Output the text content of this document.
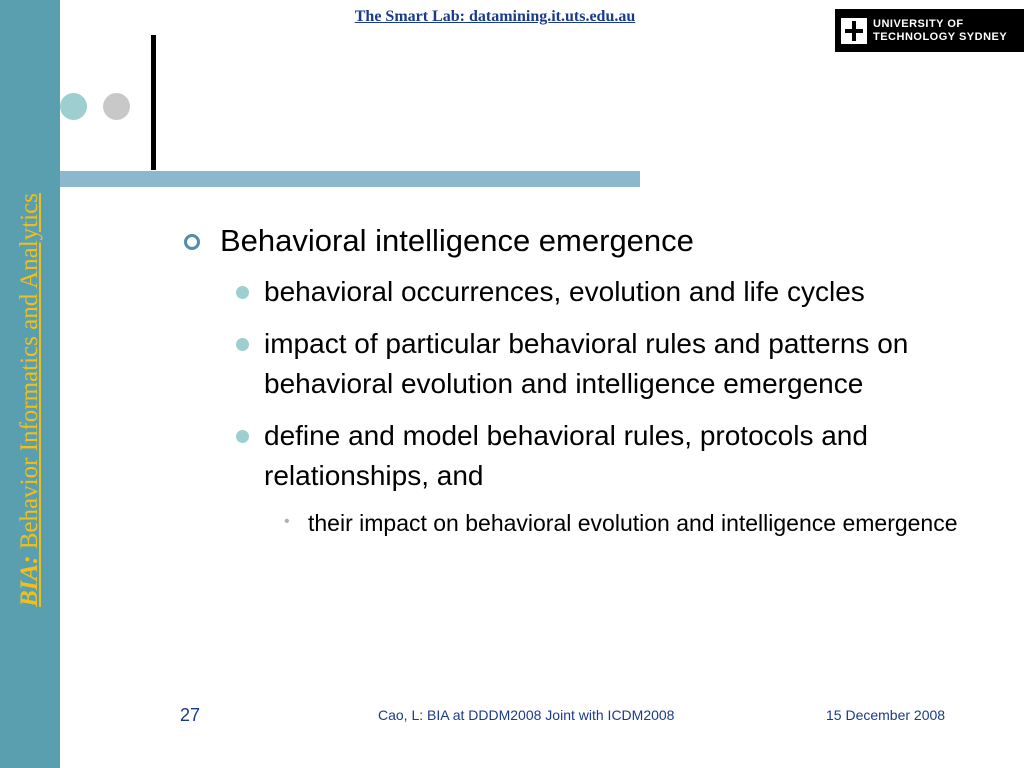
BIA: Behavior Informatics and Analytics
The Smart Lab: datamining.it.uts.edu.au	UNIVERSITY OF
TECHNOLOGY SYDNEY
Behavioral intelligence emergence
behavioral occurrences, evolution and life cycles
impact of particular behavioral rules and patterns on behavioral evolution and intelligence emergence
define and model behavioral rules, protocols and relationships, and
• their impact on behavioral evolution and intelligence emergence
27	Cao, L: BIA at DDDM2008 Joint with ICDM2008	15 December 2008
